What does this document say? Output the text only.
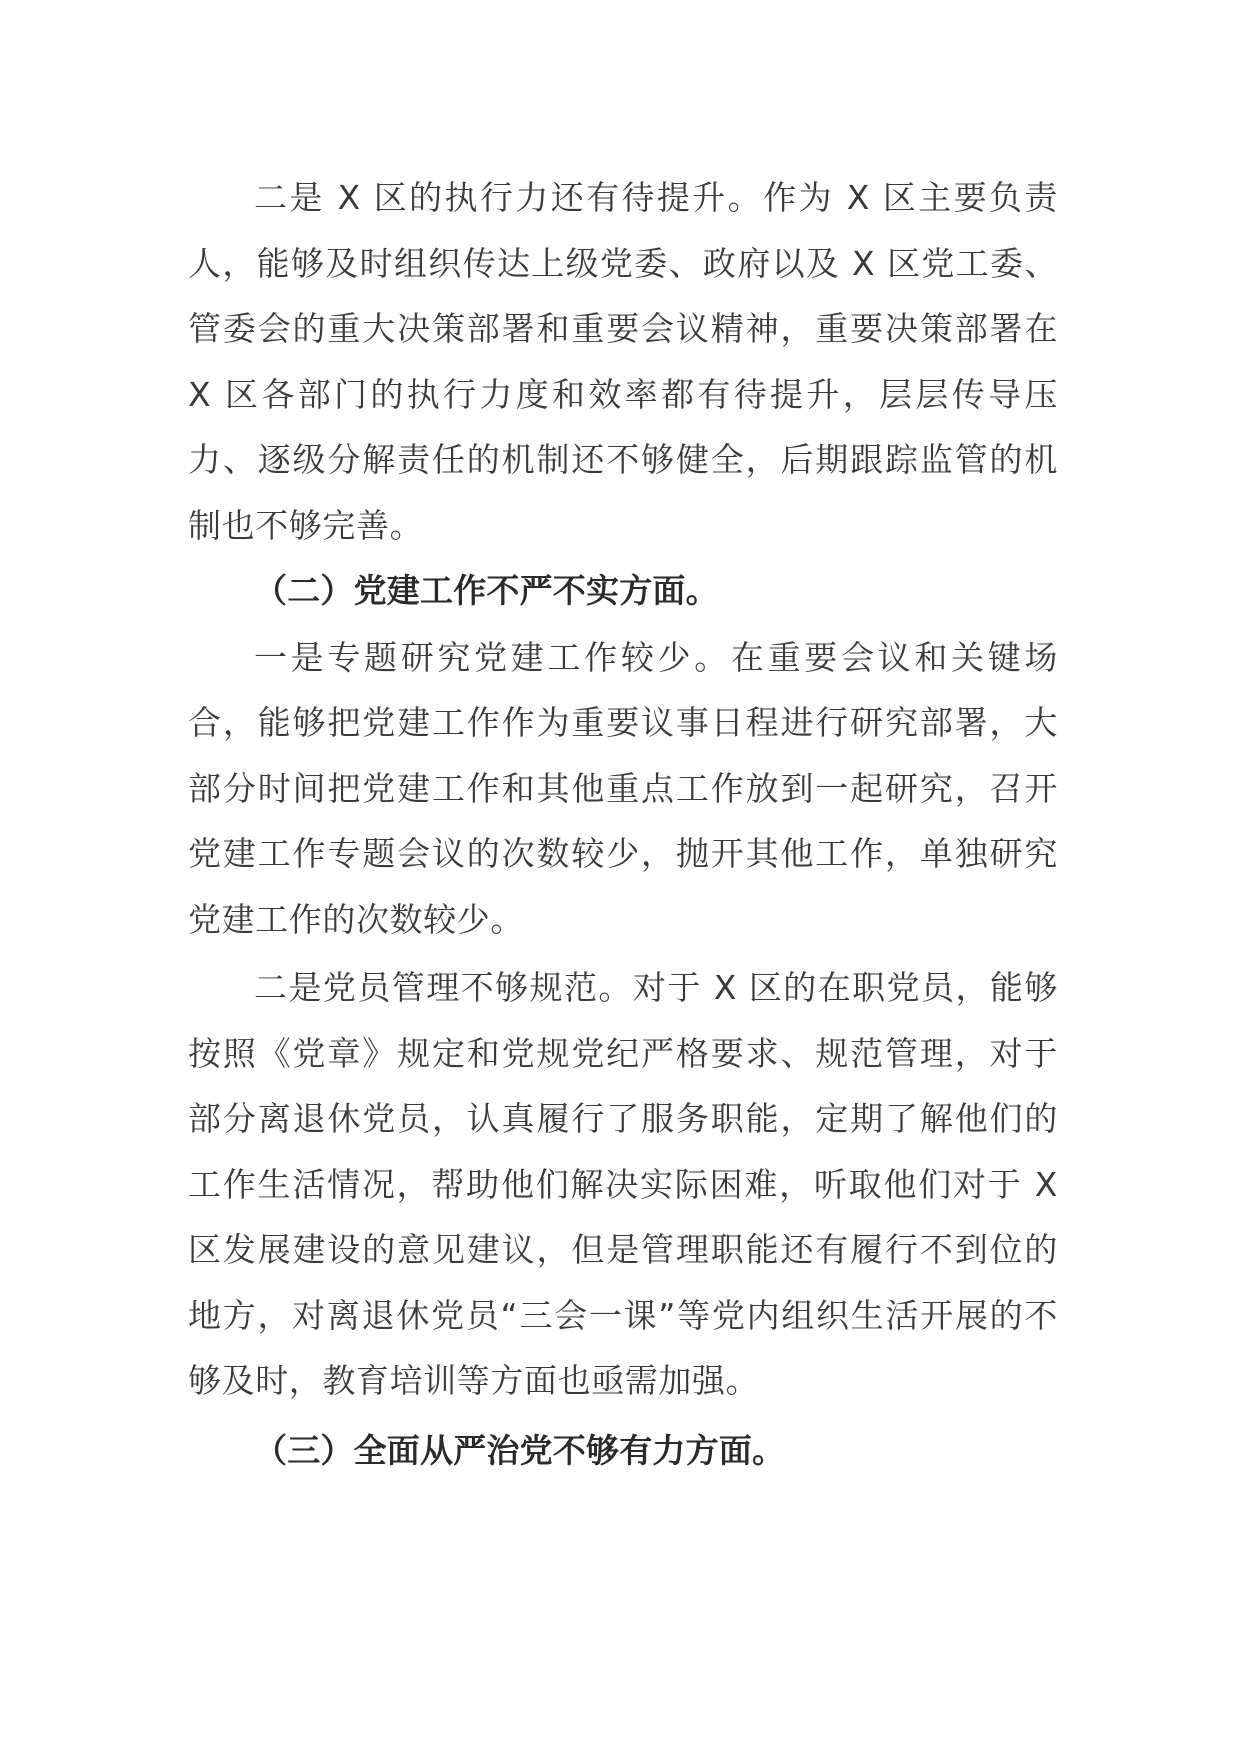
二是 X 区的执行力还有待提升。作为 X 区主要负责人，能够及时组织传达上级党委、政府以及 X 区党工委、管委会的重大决策部署和重要会议精神，重要决策部署在 X 区各部门的执行力度和效率都有待提升，层层传导压力、逐级分解责任的机制还不够健全，后期跟踪监管的机制也不够完善。

（二）党建工作不严不实方面。

一是专题研究党建工作较少。在重要会议和关键场合，能够把党建工作作为重要议事日程进行研究部署，大部分时间把党建工作和其他重点工作放到一起研究，召开党建工作专题会议的次数较少，抛开其他工作，单独研究党建工作的次数较少。

二是党员管理不够规范。对于 X 区的在职党员，能够按照《党章》规定和党规党纪严格要求、规范管理，对于部分离退休党员，认真履行了服务职能，定期了解他们的工作生活情况，帮助他们解决实际困难，听取他们对于 X 区发展建设的意见建议，但是管理职能还有履行不到位的地方，对离退休党员“三会一课”等党内组织生活开展的不够及时，教育培训等方面也亟需加强。

（三）全面从严治党不够有力方面。
